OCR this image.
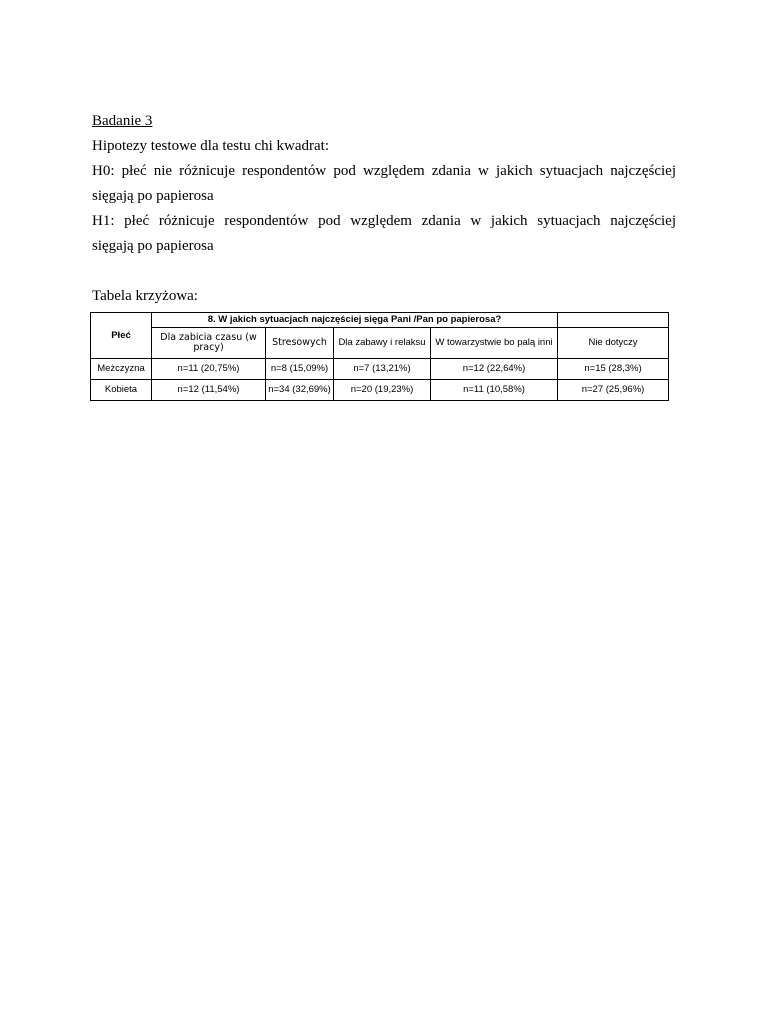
Badanie 3
Hipotezy testowe dla testu chi kwadrat:
H0: płeć nie różnicuje respondentów pod względem zdania w jakich sytuacjach najczęściej
sięgają po papierosa
H1: płeć różnicuje respondentów pod względem zdania w jakich sytuacjach najczęściej
sięgają po papierosa
Tabela krzyżowa:
Płeć	8. W jakich sytuacjach najczęściej sięga Pani /Pan po papierosa?				
	Dla zabicia czasu (w pracy)	Stresowych	Dla zabawy i relaksu	W towarzystwie bo palą inni	Nie dotyczy
Meżczyzna	n=11 (20,75%)	n=8 (15,09%)	n=7 (13,21%)	n=12 (22,64%)	n=15 (28,3%)
Kobieta	n=12 (11,54%)	n=34 (32,69%)	n=20 (19,23%)	n=11 (10,58%)	n=27 (25,96%)
